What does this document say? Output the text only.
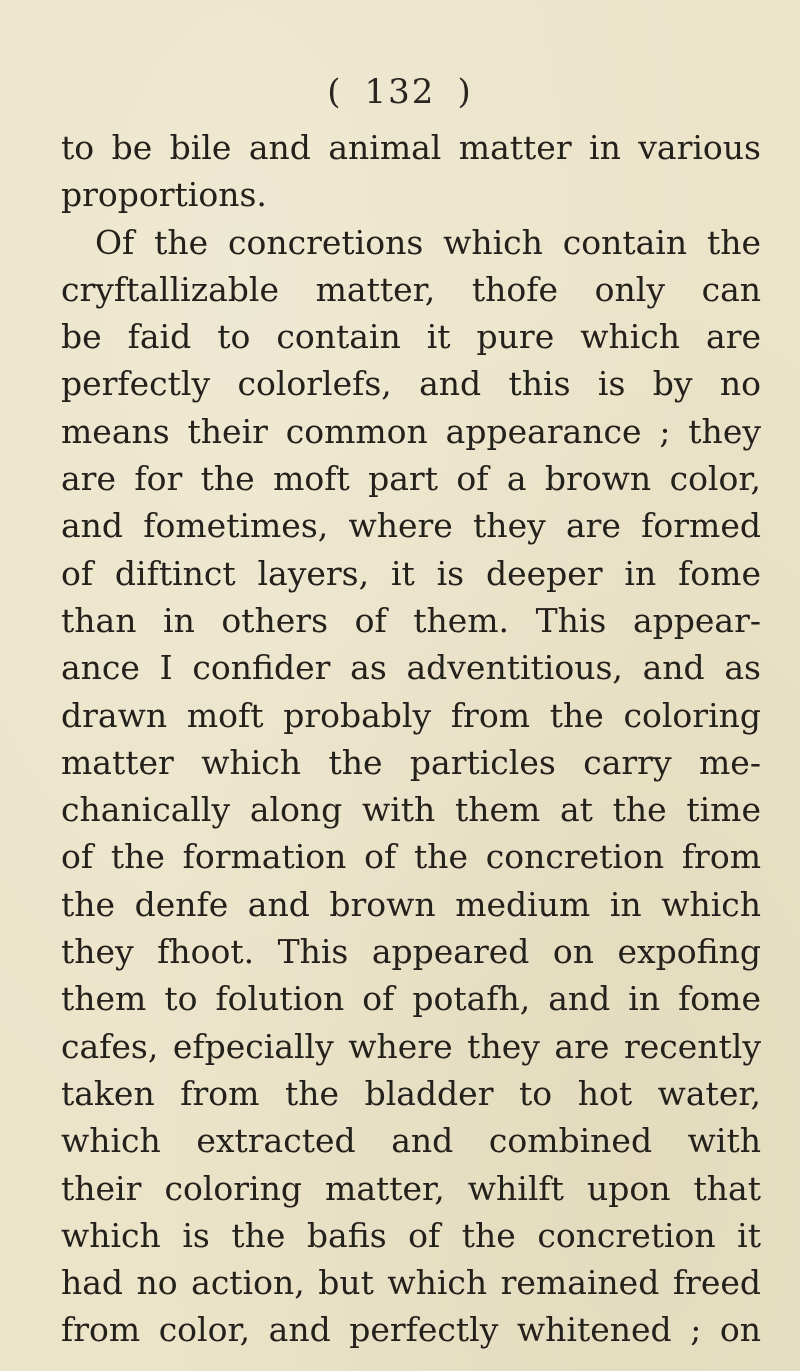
( 132 )
to be bile and animal matter in various
proportions.
Of the concretions which contain the
cryftallizable matter, thofe only can
be faid to contain it pure which are
perfectly colorlefs, and this is by no
means their common appearance ; they
are for the moft part of a brown color,
and fometimes, where they are formed
of diftinct layers, it is deeper in fome
than in others of them. This appear-
ance I confider as adventitious, and as
drawn moft probably from the coloring
matter which the particles carry me-
chanically along with them at the time
of the formation of the concretion from
the denfe and brown medium in which
they fhoot. This appeared on expofing
them to folution of potafh, and in fome
cafes, efpecially where they are recently
taken from the bladder to hot water,
which extracted and combined with
their coloring matter, whilft upon that
which is the bafis of the concretion it
had no action, but which remained freed
from color, and perfectly whitened ; on
